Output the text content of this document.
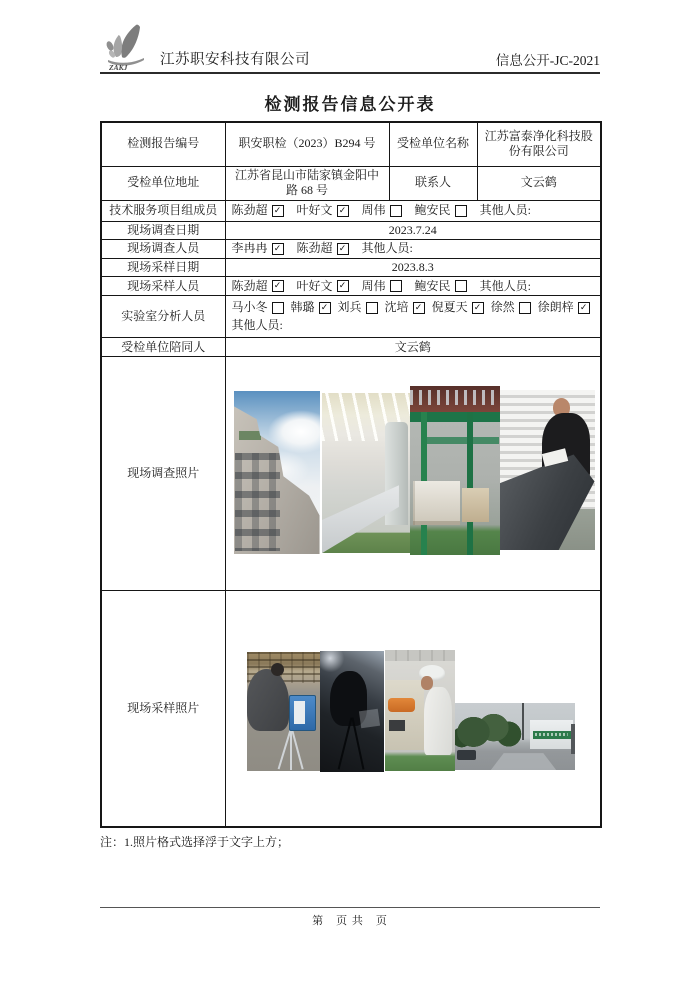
ZAKJ 江苏职安科技有限公司	信息公开-JC-2021
检测报告信息公开表
检测报告编号	职安职检（2023）B294 号	受检单位名称	江苏富泰净化科技股份有限公司
受检单位地址	江苏省昆山市陆家镇金阳中路 68 号	联系人	文云鹤
技术服务项目组成员	陈劲超 ✓ 叶好文 ✓ 周伟 鲍安民 其他人员:

现场调查日期	2023.7.24		
现场调查人员	李冉冉 ✓ 陈劲超 ✓ 其他人员:		

现场采样日期	2023.8.3		
现场采样人员	陈劲超 ✓ 叶好文 ✓ 周伟 鲍安民 其他人员:

实验室分析人员	
马小冬 韩璐 ✓ 刘兵 沈培 ✓ 倪夏天 ✓ 徐然 徐朗梓 ✓
其他人员:

受检单位陪同人	文云鹤		
现场调查照片			

现场采样照片			
注：1.照片格式选择浮于文字上方；
第　页 共　页
